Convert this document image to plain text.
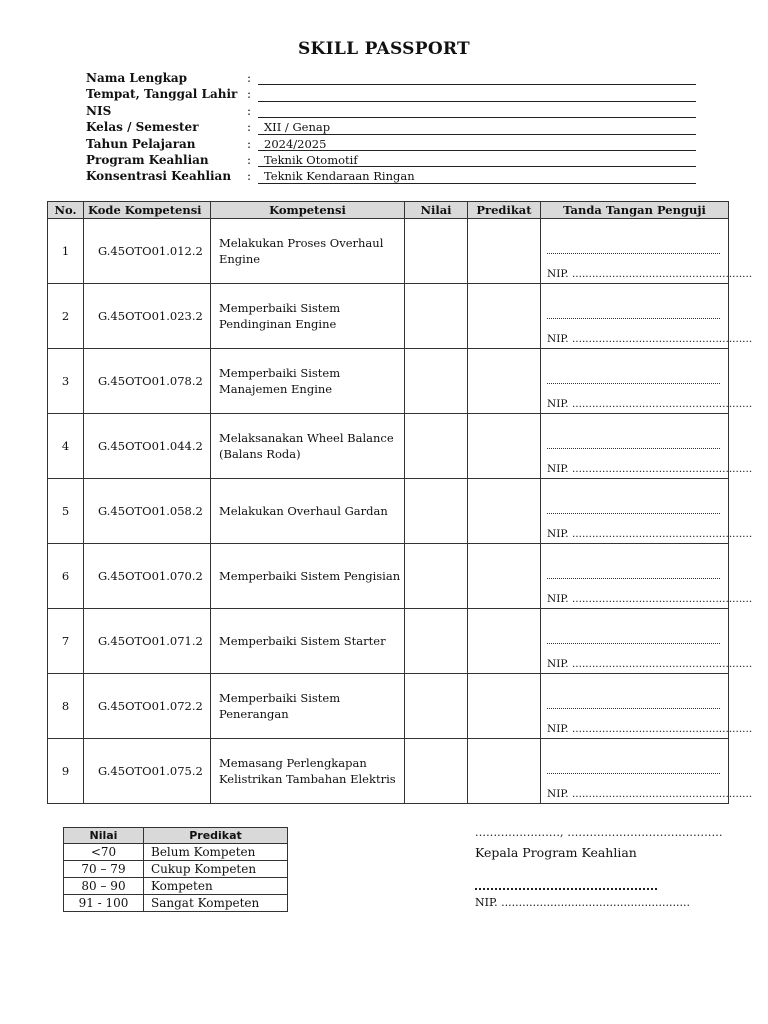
SKILL PASSPORT
Nama Lengkap	:
Tempat, Tanggal Lahir :
NIS	:
Kelas / Semester	:	XII / Genap
Tahun Pelajaran	:	2024/2025
Program Keahlian	:	Teknik Otomotif
Konsentrasi Keahlian :	Teknik Kendaraan Ringan
No.	Kode Kompetensi	Kompetensi	Nilai	Predikat	Tanda Tangan Penguji
1	G.45OTO01.012.2	Melakukan Proses Overhaul Engine			NIP. ......................................................

2	G.45OTO01.023.2	Memperbaiki Sistem Pendinginan Engine			NIP. ......................................................

3	G.45OTO01.078.2	Memperbaiki Sistem Manajemen Engine			NIP. ......................................................

4	G.45OTO01.044.2	Melaksanakan Wheel Balance (Balans Roda)			NIP. ......................................................

5	G.45OTO01.058.2	Melakukan Overhaul Gardan			NIP. ......................................................

6	G.45OTO01.070.2	Memperbaiki Sistem Pengisian			NIP. ......................................................

7	G.45OTO01.071.2	Memperbaiki Sistem Starter			NIP. ......................................................

8	G.45OTO01.072.2	Memperbaiki Sistem Penerangan			NIP. ......................................................

9	G.45OTO01.075.2	Memasang Perlengkapan Kelistrikan Tambahan Elektris			NIP. ......................................................
Nilai	Predikat
<70	Belum Kompeten
70 – 79	Cukup Kompeten
80 – 90	Kompeten
91 - 100	Sangat Kompeten
......................., ..........................................
Kepala Program Keahlian
NIP. ......................................................
